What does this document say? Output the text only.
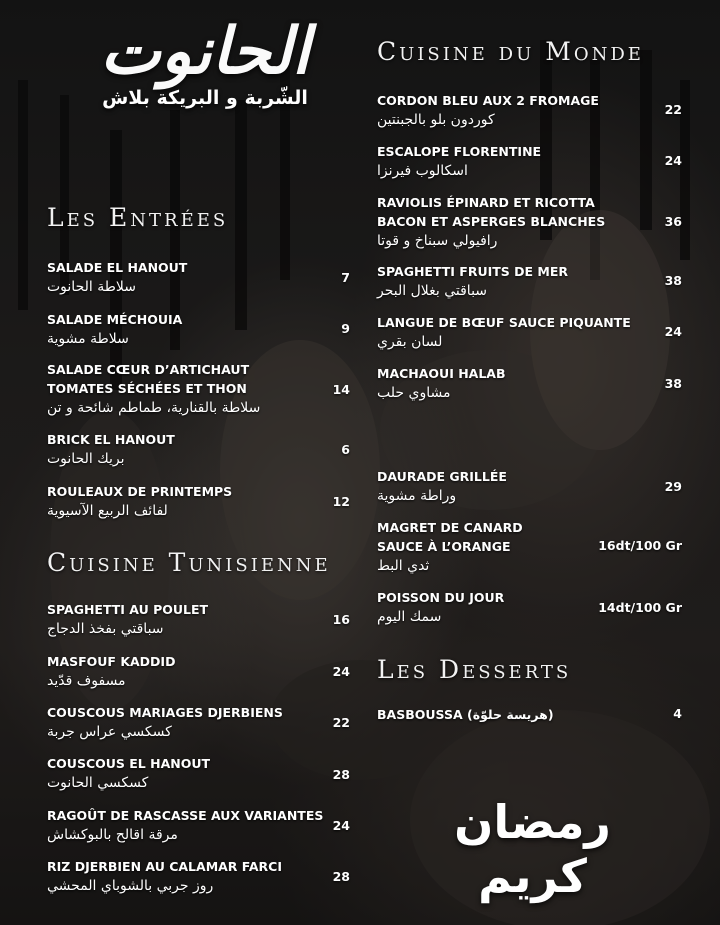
الحانوت
الشّربة و البريكة بلاش
Les Entrées
SALADE EL HANOUT
سلاطة الحانوت
7
SALADE MÉCHOUIA
سلاطة مشوية
9
SALADE CŒUR D’ARTICHAUT
TOMATES SÉCHÉES ET THON
سلاطة بالقنارية، طماطم شائحة و تن
14
BRICK EL HANOUT
بريك الحانوت
6
ROULEAUX DE PRINTEMPS
لفائف الربيع الآسيوية
12
Cuisine Tunisienne
SPAGHETTI AU POULET
سباقتي بفخذ الدجاج
16
MASFOUF KADDID
مسفوف قدّيد
24
COUSCOUS MARIAGES DJERBIENS
كسكسي عراس جربة
22
COUSCOUS EL HANOUT
كسكسي الحانوت
28
RAGOÛT DE RASCASSE AUX VARIANTES
مرقة اقالح بالبوكشاش
24
RIZ DJERBIEN AU CALAMAR FARCI
روز جربي بالشوباي المحشي
28
Cuisine du Monde
CORDON BLEU AUX 2 FROMAGE
كوردون بلو بالجبنتين
22
ESCALOPE FLORENTINE
اسكالوب فيرنزا
24
RAVIOLIS ÉPINARD ET RICOTTA
BACON ET ASPERGES BLANCHES
رافيولي سبناخ و قوتا
36
SPAGHETTI FRUITS DE MER
سباقتي بغلال البحر
38
LANGUE DE BŒUF SAUCE PIQUANTE
لسان بقري
24
MACHAOUI HALAB
مشاوي حلب
38
DAURADE GRILLÉE
وراطة مشوية
29
MAGRET DE CANARD
SAUCE À L’ORANGE
ثدي البط
16dt/100 Gr
POISSON DU JOUR
سمك اليوم
14dt/100 Gr
Les Desserts
BASBOUSSA (هريسة حلوّة)	4
رمضان كريم
